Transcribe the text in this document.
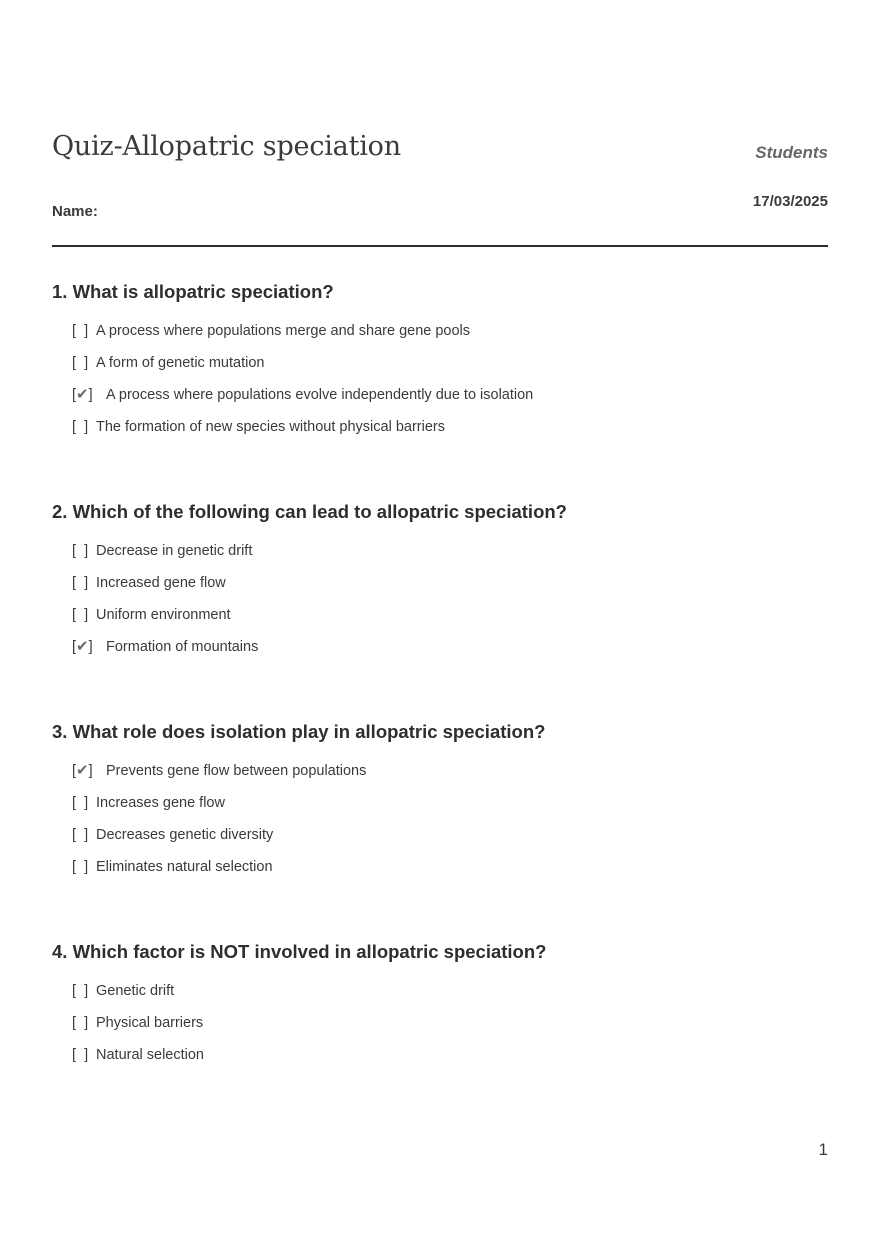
Quiz-Allopatric speciation	Students
17/03/2025
Name:
1. What is allopatric speciation?
[  ] A process where populations merge and share gene pools
[  ] A form of genetic mutation
[✔︎] A process where populations evolve independently due to isolation
[  ] The formation of new species without physical barriers
2. Which of the following can lead to allopatric speciation?
[  ] Decrease in genetic drift
[  ] Increased gene flow
[  ] Uniform environment
[✔︎] Formation of mountains
3. What role does isolation play in allopatric speciation?
[✔︎] Prevents gene flow between populations
[  ] Increases gene flow
[  ] Decreases genetic diversity
[  ] Eliminates natural selection
4. Which factor is NOT involved in allopatric speciation?
[  ] Genetic drift
[  ] Physical barriers
[  ] Natural selection
1
